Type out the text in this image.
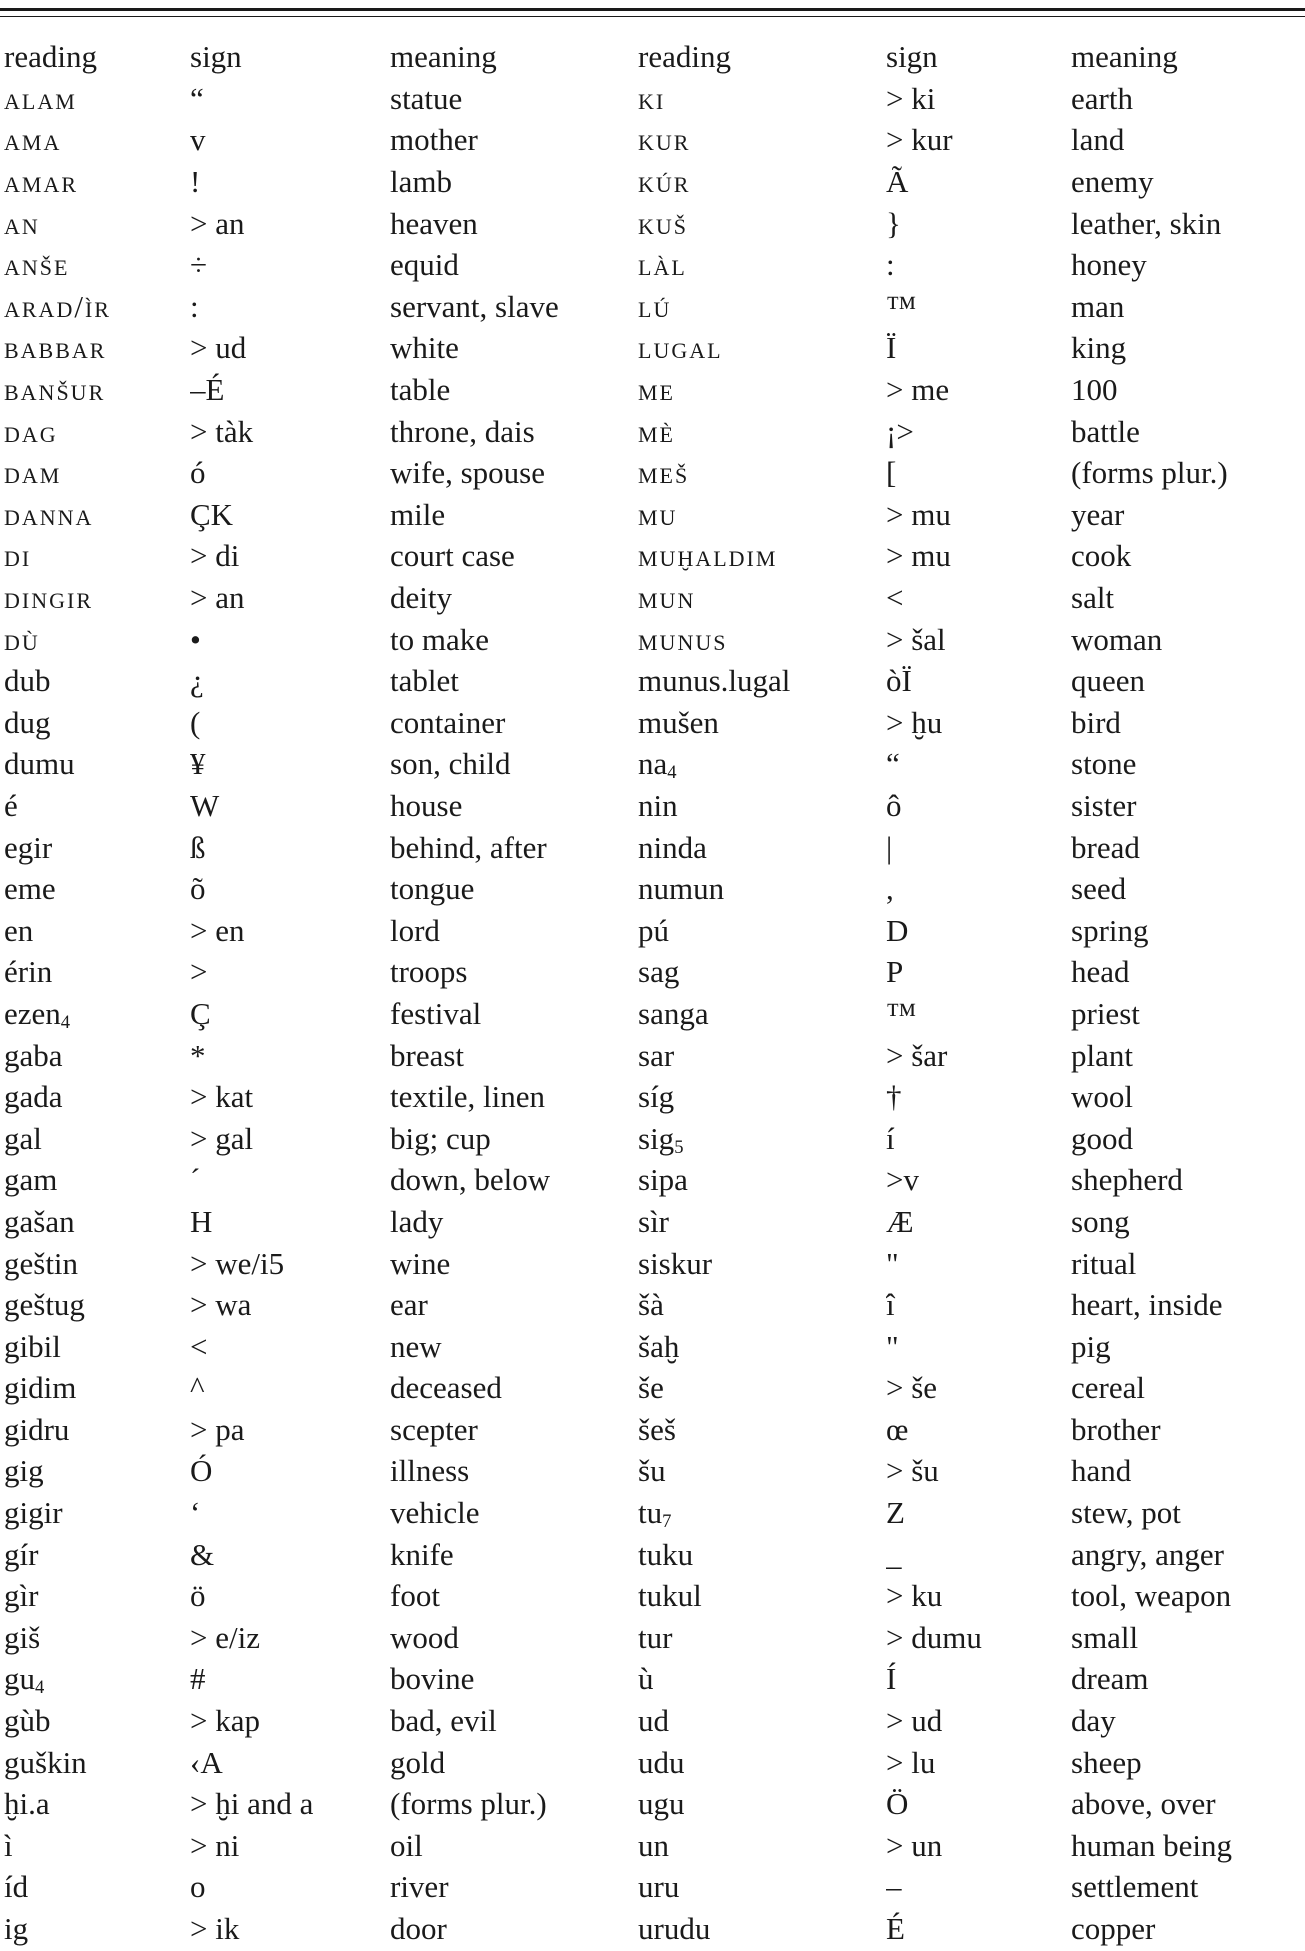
reading	sign	meaning	reading	sign	meaning
alam	“	statue	ki	> ki	earth
ama	v	mother	kur	> kur	land
amar	!	lamb	kúr	Ã	enemy
an	> an	heaven	kuš	}	leather, skin
anše	÷	equid	làl	:	honey
arad/ìr	:	servant, slave	lú	™	man
babbar	> ud	white	lugal	Ï	king
banšur	–É	table	me	> me	100
dag	> tàk	throne, dais	mè	¡>	battle
dam	ó	wife, spouse	meš	[	(forms plur.)
danna	ÇK	mile	mu	> mu	year
di	> di	court case	muḫaldim	> mu	cook
dingir	> an	deity	mun	<	salt
dù	•	to make	munus	> šal	woman
dub	¿	tablet	munus.lugal	òÏ	queen
dug	(	container	mušen	> ḫu	bird
dumu	¥	son, child	$na_4$	“	stone
é	W	house	nin	ô	sister
egir	ß	behind, after	ninda	|	bread
eme	õ	tongue	numun	,	seed
en	> en	lord	pú	D	spring
érin	>	troops	sag	P	head
ezen$_4$	Ç	festival	sanga	™	priest
gaba	*	breast	sar	> šar	plant
gada	> kat	textile, linen	síg	†	wool
gal	> gal	big; cup	sig$_5$	í	good
gam	´	down, below	sipa	>v	shepherd
gašan	H	lady	sìr	Æ	song
geštin	> we/i5	wine	siskur	"	ritual
geštug	> wa	ear	šà	î	heart, inside
gibil	<	new	šaḫ	"	pig
gidim	^	deceased	še	> še	cereal
gidru	> pa	scepter	šeš	œ	brother
gig	Ó	illness	šu	> šu	hand
gigir	‘	vehicle	$tu_7$	Z	stew, pot
gír	&	knife	tuku	_	angry, anger
gìr	ö	foot	tukul	> ku	tool, weapon
giš	> e/iz	wood	tur	> dumu	small
$gu_4$	#	bovine	ù	Í	dream
gùb	> kap	bad, evil	ud	> ud	day
guškin	‹A	gold	udu	> lu	sheep
ḫi.a	> ḫi and a	(forms plur.)	ugu	Ö	above, over
ì	> ni	oil	un	> un	human being
íd	o	river	uru	–	settlement
ig	> ik	door	urudu	É	copper
